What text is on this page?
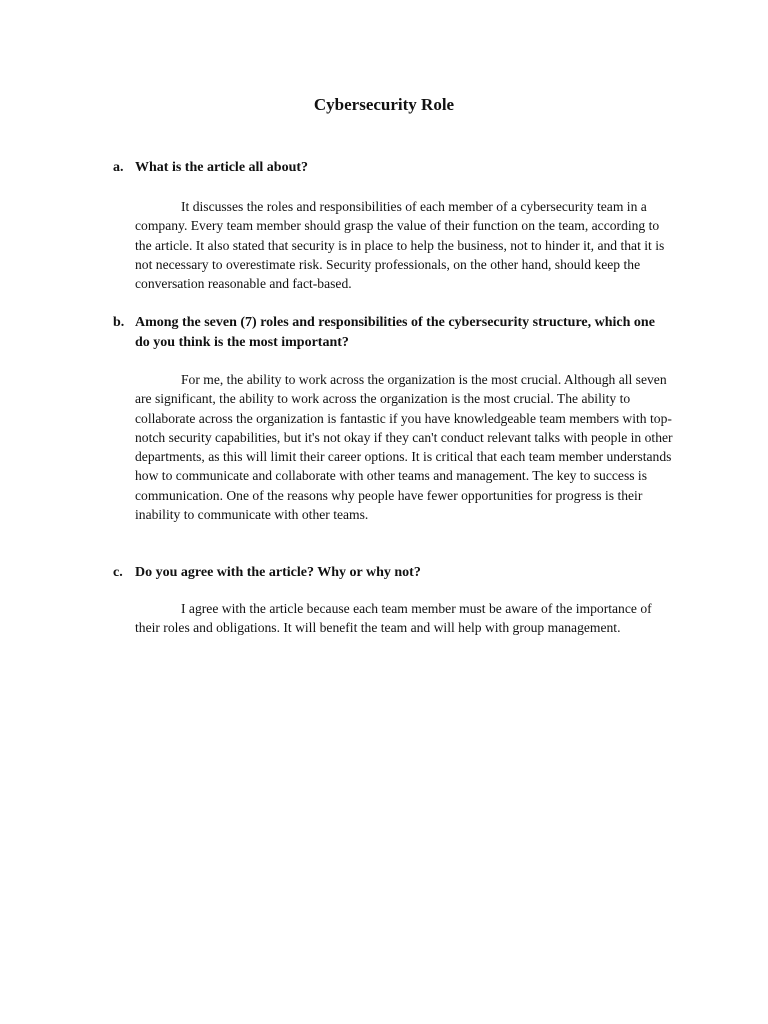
Cybersecurity Role
a. What is the article all about?

It discusses the roles and responsibilities of each member of a cybersecurity team in a company. Every team member should grasp the value of their function on the team, according to the article. It also stated that security is in place to help the business, not to hinder it, and that it is not necessary to overestimate risk. Security professionals, on the other hand, should keep the conversation reasonable and fact-based.

b. Among the seven (7) roles and responsibilities of the cybersecurity structure, which one do you think is the most important?

For me, the ability to work across the organization is the most crucial. Although all seven are significant, the ability to work across the organization is the most crucial. The ability to collaborate across the organization is fantastic if you have knowledgeable team members with top-notch security capabilities, but it's not okay if they can't conduct relevant talks with people in other departments, as this will limit their career options. It is critical that each team member understands how to communicate and collaborate with other teams and management. The key to success is communication. One of the reasons why people have fewer opportunities for progress is their inability to communicate with other teams.

c. Do you agree with the article? Why or why not?

I agree with the article because each team member must be aware of the importance of their roles and obligations. It will benefit the team and will help with group management.
